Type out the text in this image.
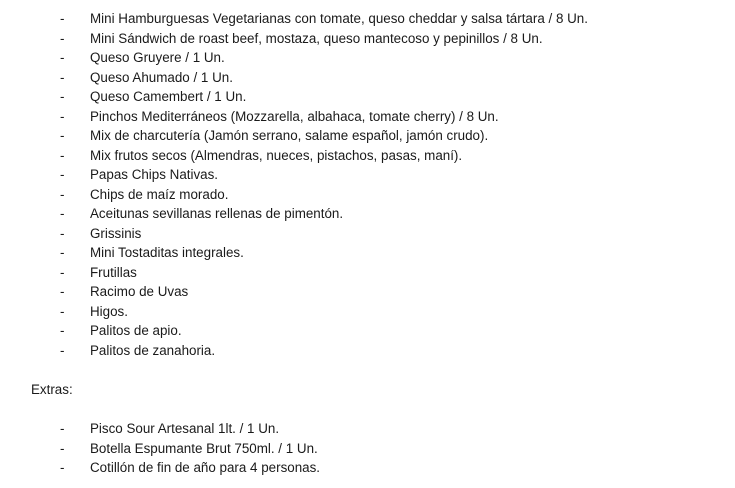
- Mini Hamburguesas Vegetarianas con tomate, queso cheddar y salsa tártara / 8 Un.
- Mini Sándwich de roast beef, mostaza, queso mantecoso y pepinillos / 8 Un.
- Queso Gruyere / 1 Un.
- Queso Ahumado / 1 Un.
- Queso Camembert / 1 Un.
- Pinchos Mediterráneos (Mozzarella, albahaca, tomate cherry) / 8 Un.
- Mix de charcutería (Jamón serrano, salame español, jamón crudo).
- Mix frutos secos (Almendras, nueces, pistachos, pasas, maní).
- Papas Chips Nativas.
- Chips de maíz morado.
- Aceitunas sevillanas rellenas de pimentón.
- Grissinis
- Mini Tostaditas integrales.
- Frutillas
- Racimo de Uvas
- Higos.
- Palitos de apio.
- Palitos de zanahoria.
Extras:
- Pisco Sour Artesanal 1lt. / 1 Un.
- Botella Espumante Brut 750ml. / 1 Un.
- Cotillón de fin de año para 4 personas.
